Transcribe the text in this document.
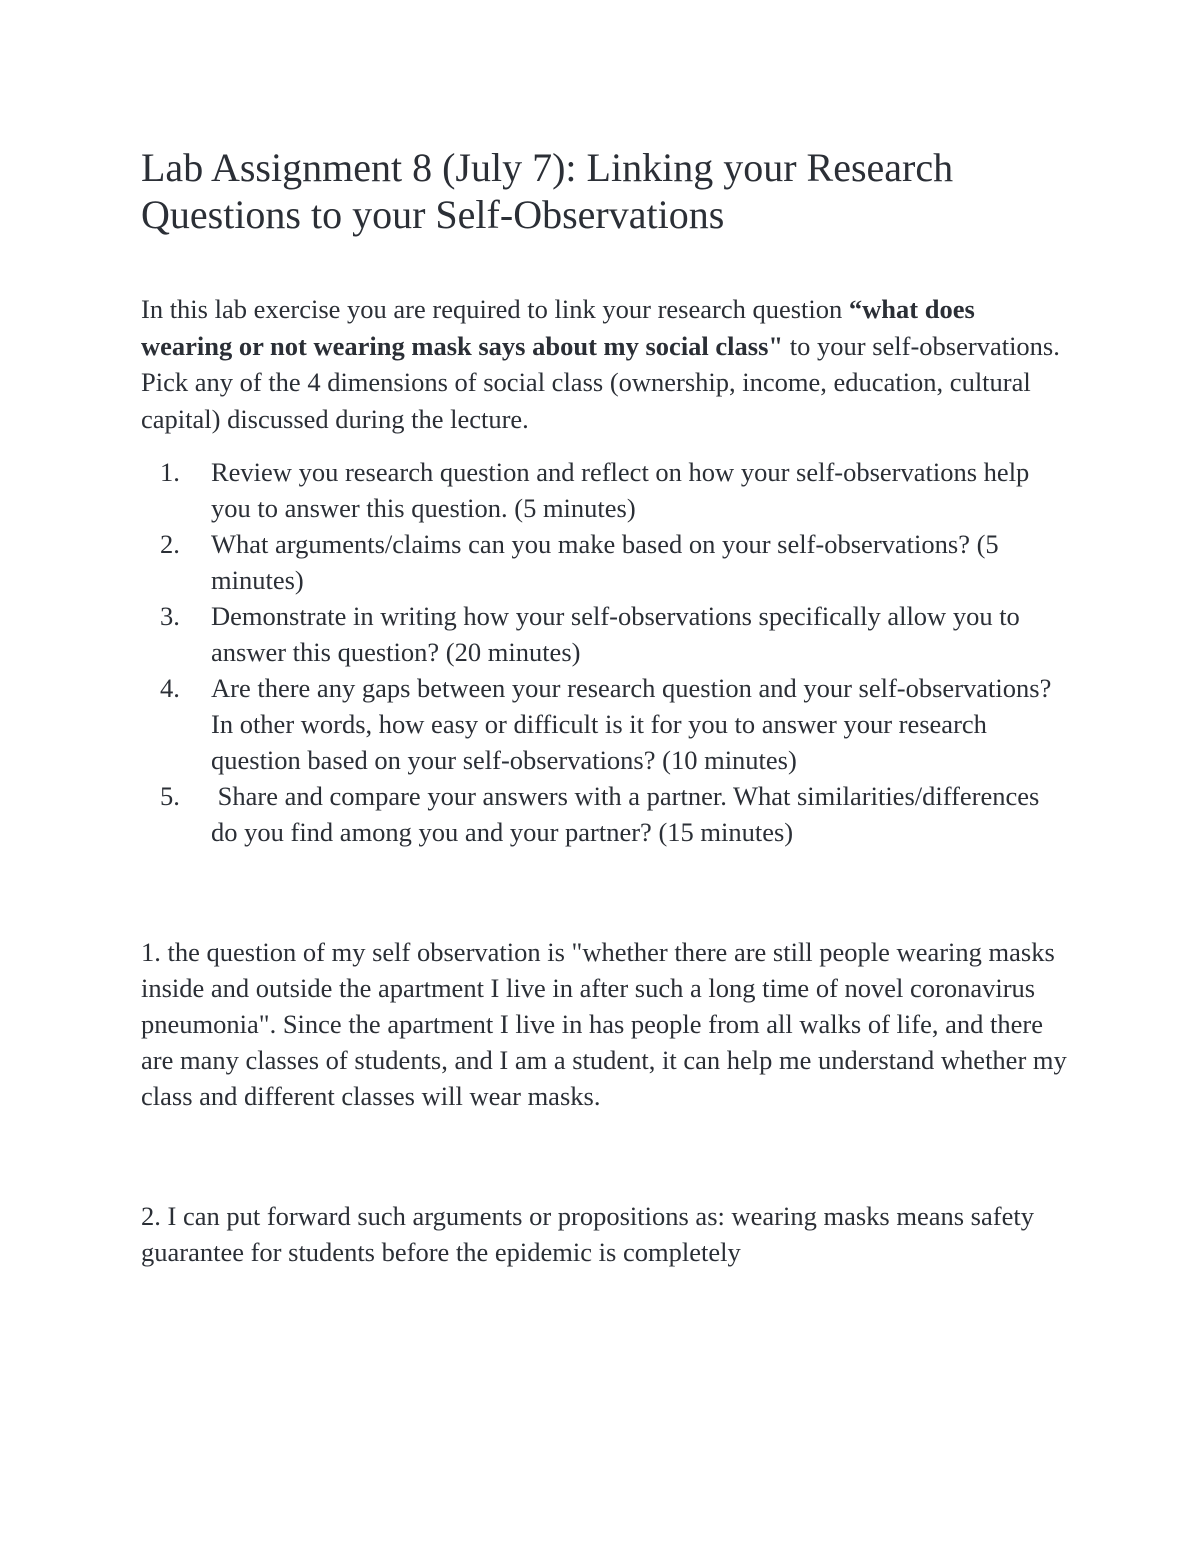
Lab Assignment 8 (July 7): Linking your Research
Questions to your Self-Observations

In this lab exercise you are required to link your research question “what does wearing or not wearing mask says about my social class" to your self-observations. Pick any of the 4 dimensions of social class (ownership, income, education, cultural capital) discussed during the lecture.

1. Review you research question and reflect on how your self-observations help you to answer this question. (5 minutes)
2. What arguments/claims can you make based on your self-observations? (5 minutes)
3. Demonstrate in writing how your self-observations specifically allow you to answer this question? (20 minutes)
4. Are there any gaps between your research question and your self-observations? In other words, how easy or difficult is it for you to answer your research question based on your self-observations? (10 minutes)
5. Share and compare your answers with a partner. What similarities/differences do you find among you and your partner? (15 minutes)

1. the question of my self observation is "whether there are still people wearing masks inside and outside the apartment I live in after such a long time of novel coronavirus pneumonia". Since the apartment I live in has people from all walks of life, and there are many classes of students, and I am a student, it can help me understand whether my class and different classes will wear masks.

2. I can put forward such arguments or propositions as: wearing masks means safety guarantee for students before the epidemic is completely
